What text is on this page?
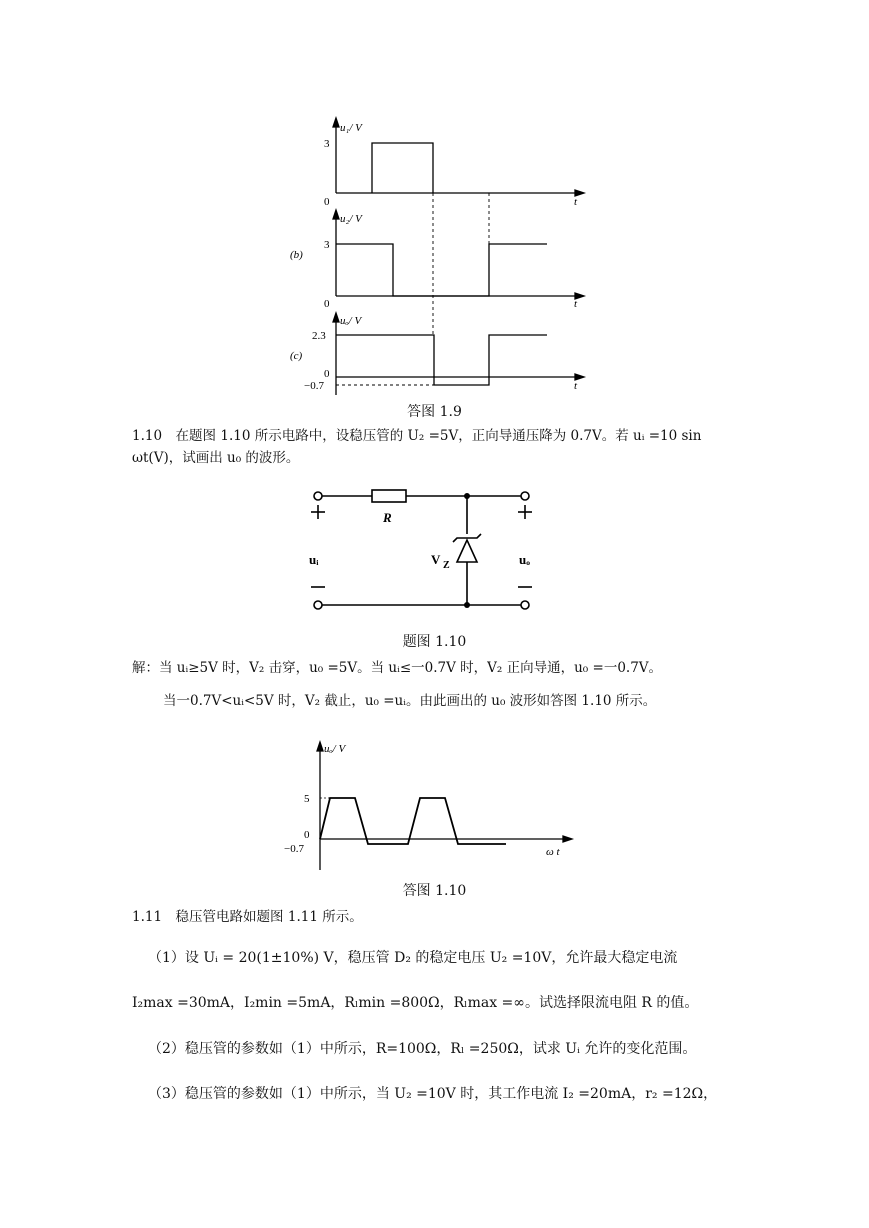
u₁/ V
3
0	t
u₂/ V
(b)
3
0	t
uₒ/ V
(c)
2.3
0
−0.7	t
答图 1.9
1.10　在题图 1.10 所示电路中，设稳压管的 U₂ =5V，正向导通压降为 0.7V。若 uᵢ =10 sin
ωt(V)，试画出 u₀ 的波形。
R
uᵢ	uₒ
V Z
题图 1.10
解：当 uᵢ≥5V 时，V₂ 击穿，u₀ =5V。当 uᵢ≤一0.7V 时，V₂ 正向导通，u₀ =一0.7V。
当一0.7V<uᵢ<5V 时，V₂ 截止，u₀ =uᵢ。由此画出的 u₀ 波形如答图 1.10 所示。
uₒ/ V
5
0
−0.7	ω t
答图 1.10
1.11　稳压管电路如题图 1.11 所示。
（1）设 Uᵢ = 20(1±10%) V，稳压管 D₂ 的稳定电压 U₂ =10V，允许最大稳定电流
I₂max =30mA，I₂min =5mA，Rₗmin =800Ω，Rₗmax =∞。试选择限流电阻 R 的值。
（2）稳压管的参数如（1）中所示，R=100Ω，Rₗ =250Ω，试求 Uᵢ 允许的变化范围。
（3）稳压管的参数如（1）中所示，当 U₂ =10V 时，其工作电流 I₂ =20mA，r₂ =12Ω，
